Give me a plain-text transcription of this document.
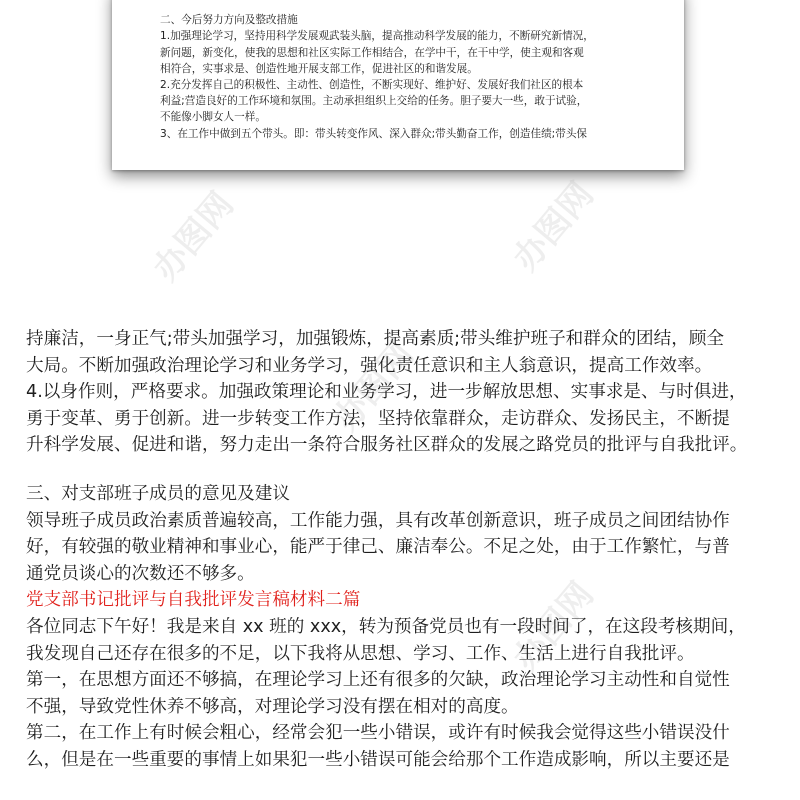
二、今后努力方向及整改措施

1.加强理论学习，坚持用科学发展观武装头脑，提高推动科学发展的能力，不断研究新情况，

新问题，新变化，使我的思想和社区实际工作相结合，在学中干，在干中学，使主观和客观

相符合，实事求是、创造性地开展支部工作，促进社区的和谐发展。

2.充分发挥自己的积极性、主动性、创造性，不断实现好、维护好、发展好我们社区的根本

利益;营造良好的工作环境和氛围。主动承担组织上交给的任务。胆子要大一些，敢于试验，

不能像小脚女人一样。

3、在工作中做到五个带头。即：带头转变作风、深入群众;带头勤奋工作，创造佳绩;带头保

办图网	办图网
办图网
办图网

持廉洁，一身正气;带头加强学习，加强锻炼，提高素质;带头维护班子和群众的团结，顾全

大局。不断加强政治理论学习和业务学习，强化责任意识和主人翁意识，提高工作效率。

4.以身作则，严格要求。加强政策理论和业务学习，进一步解放思想、实事求是、与时俱进，

勇于变革、勇于创新。进一步转变工作方法，坚持依靠群众，走访群众、发扬民主，不断提

升科学发展、促进和谐，努力走出一条符合服务社区群众的发展之路党员的批评与自我批评。

三、对支部班子成员的意见及建议

领导班子成员政治素质普遍较高，工作能力强，具有改革创新意识，班子成员之间团结协作

好，有较强的敬业精神和事业心，能严于律己、廉洁奉公。不足之处，由于工作繁忙，与普

通党员谈心的次数还不够多。

党支部书记批评与自我批评发言稿材料二篇

各位同志下午好！我是来自 xx 班的 xxx，转为预备党员也有一段时间了，在这段考核期间，

我发现自己还存在很多的不足，以下我将从思想、学习、工作、生活上进行自我批评。

第一，在思想方面还不够搞，在理论学习上还有很多的欠缺，政治理论学习主动性和自觉性

不强，导致党性休养不够高，对理论学习没有摆在相对的高度。

第二，在工作上有时候会粗心，经常会犯一些小错误，或许有时候我会觉得这些小错误没什

么，但是在一些重要的事情上如果犯一些小错误可能会给那个工作造成影响，所以主要还是
